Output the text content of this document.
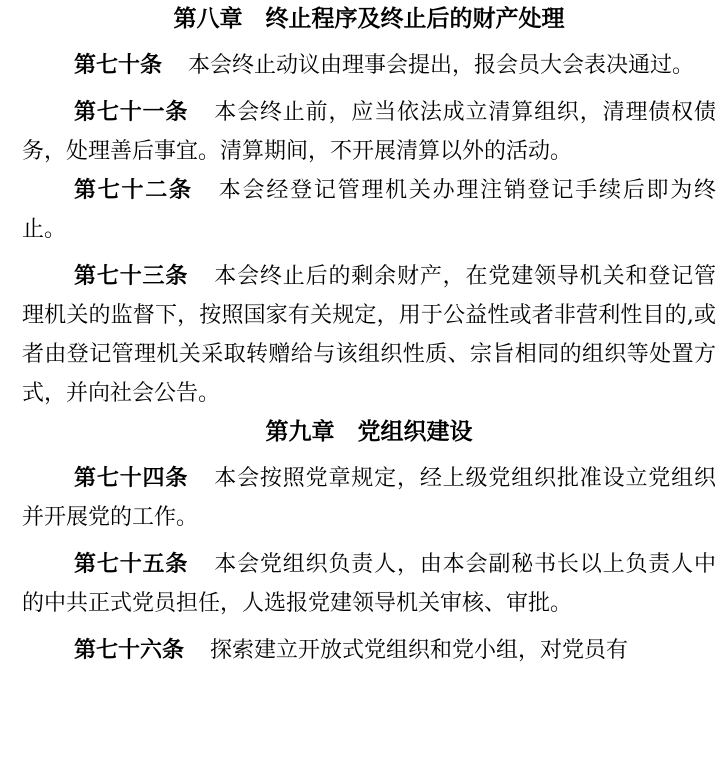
第八章　终止程序及终止后的财产处理

第七十条 本会终止动议由理事会提出，报会员大会表决通过。

第七十一条 本会终止前，应当依法成立清算组织，清理债权债务，处理善后事宜。清算期间，不开展清算以外的活动。

第七十二条 本会经登记管理机关办理注销登记手续后即为终止。

第七十三条 本会终止后的剩余财产，在党建领导机关和登记管理机关的监督下，按照国家有关规定，用于公益性或者非营利性目的,或者由登记管理机关采取转赠给与该组织性质、宗旨相同的组织等处置方式，并向社会公告。

第九章　党组织建设

第七十四条 本会按照党章规定，经上级党组织批准设立党组织并开展党的工作。

第七十五条 本会党组织负责人，由本会副秘书长以上负责人中的中共正式党员担任，人选报党建领导机关审核、审批。

第七十六条 探索建立开放式党组织和党小组，对党员有
